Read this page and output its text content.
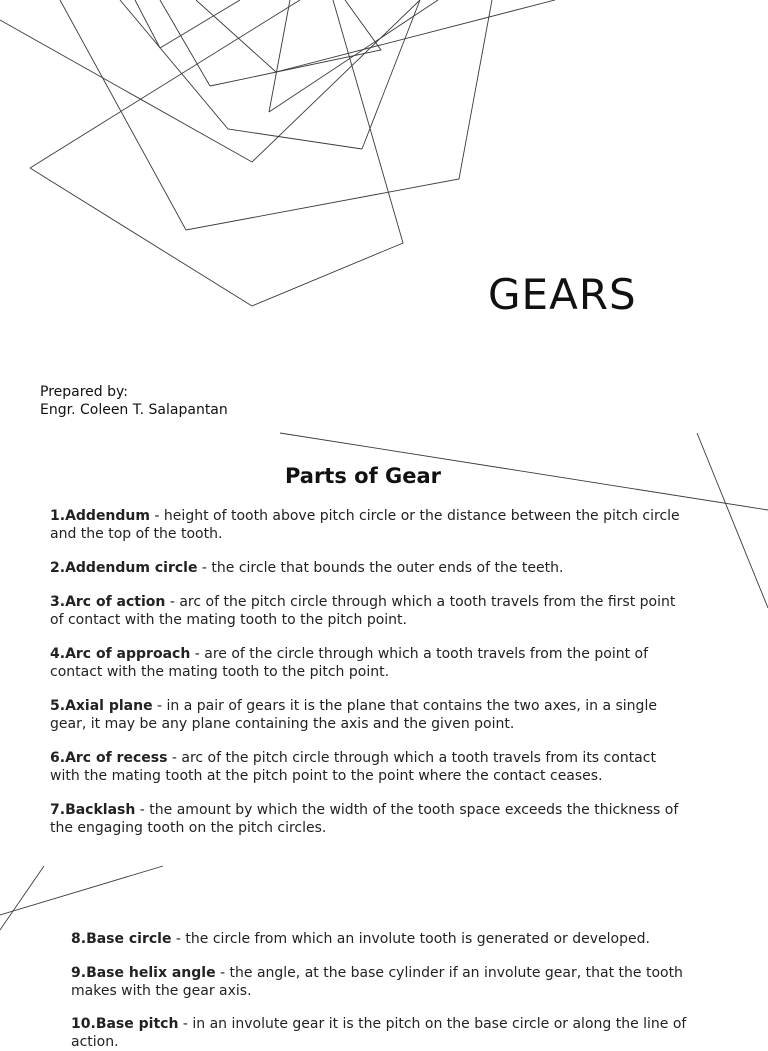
GEARS
Prepared by:
Engr. Coleen T. Salapantan
Parts of Gear
1.Addendum - height of tooth above pitch circle or the distance between the pitch circle and the top of the tooth.
2.Addendum circle - the circle that bounds the outer ends of the teeth.
3.Arc of action - arc of the pitch circle through which a tooth travels from the first point of contact with the mating tooth to the pitch point.
4.Arc of approach - are of the circle through which a tooth travels from the point of contact with the mating tooth to the pitch point.
5.Axial plane - in a pair of gears it is the plane that contains the two axes, in a single gear, it may be any plane containing the axis and the given point.
6.Arc of recess - arc of the pitch circle through which a tooth travels from its contact with the mating tooth at the pitch point to the point where the contact ceases.
7.Backlash - the amount by which the width of the tooth space exceeds the thickness of the engaging tooth on the pitch circles.
8.Base circle - the circle from which an involute tooth is generated or developed.
9.Base helix angle - the angle, at the base cylinder if an involute gear, that the tooth makes with the gear axis.
10.Base pitch - in an involute gear it is the pitch on the base circle or along the line of action.
